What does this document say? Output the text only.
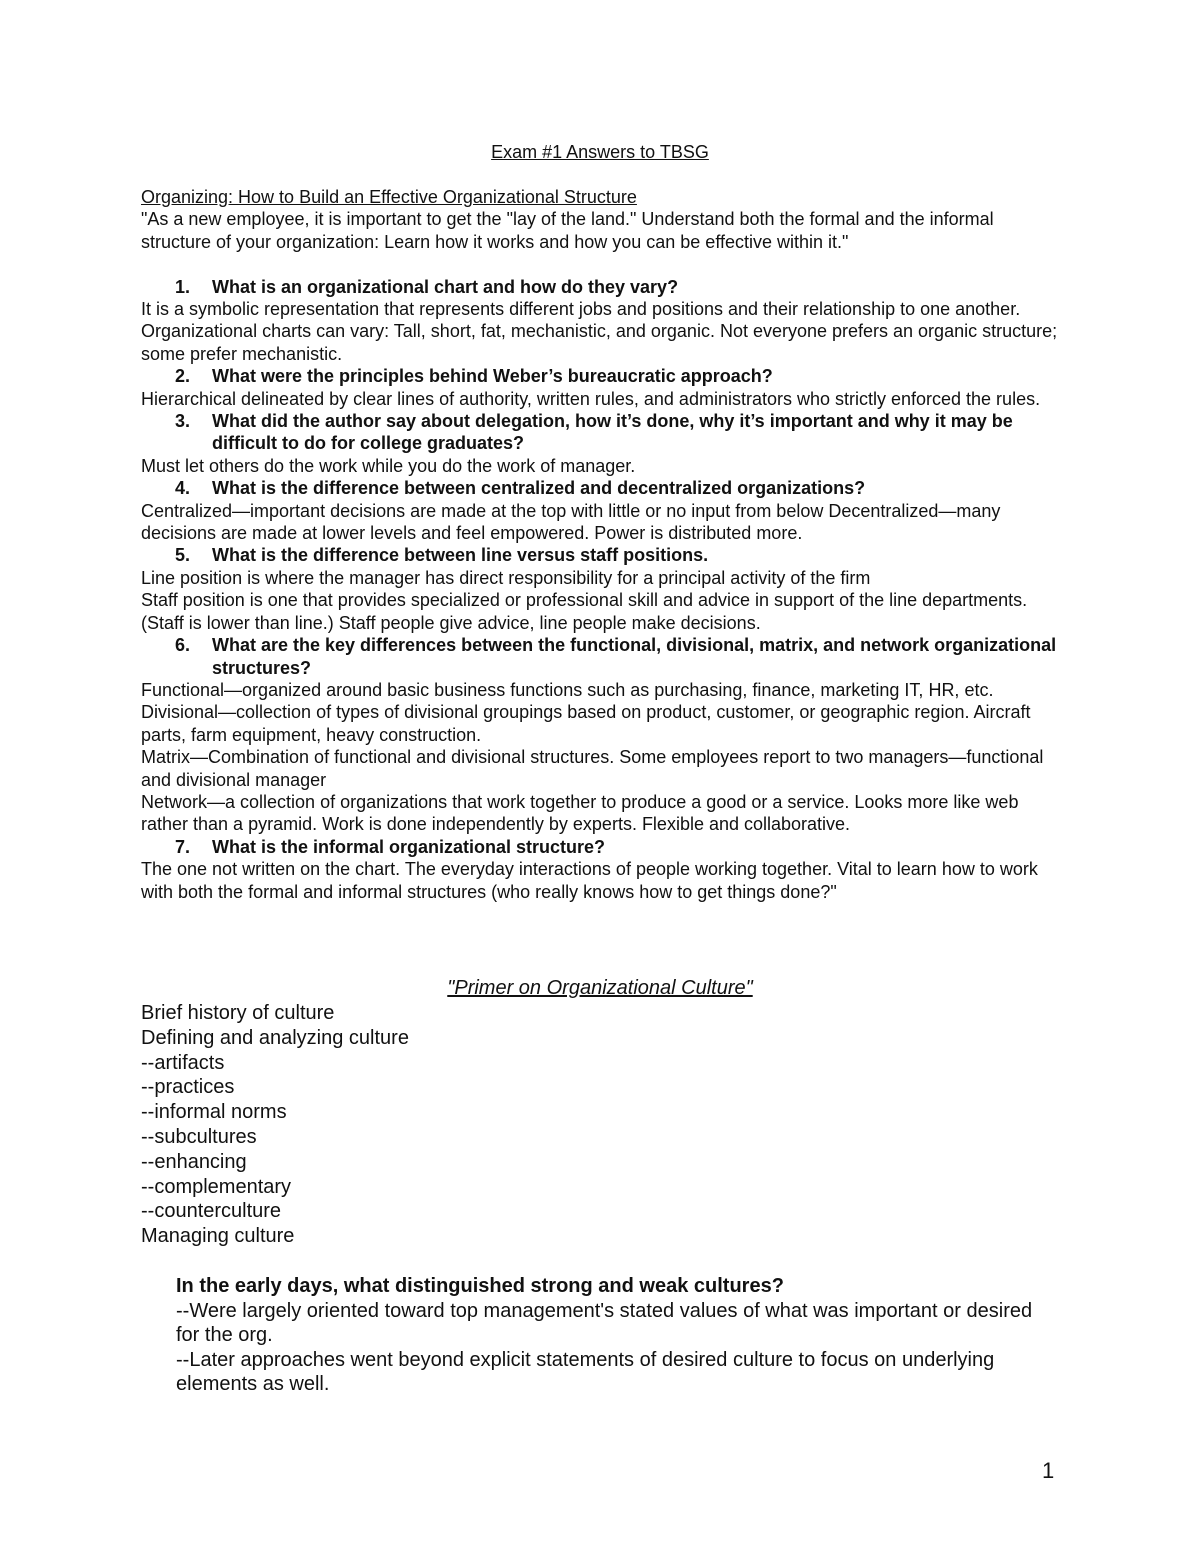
Exam #1 Answers to TBSG

Organizing: How to Build an Effective Organizational Structure

"As a new employee, it is important to get the "lay of the land." Understand both the formal and the informal structure of your organization: Learn how it works and how you can be effective within it."

1.	What is an organizational chart and how do they vary?

It is a symbolic representation that represents different jobs and positions and their relationship to one another. Organizational charts can vary: Tall, short, fat, mechanistic, and organic. Not everyone prefers an organic structure; some prefer mechanistic.

2.	What were the principles behind Weber’s bureaucratic approach?

Hierarchical delineated by clear lines of authority, written rules, and administrators who strictly enforced the rules.

3.	What did the author say about delegation, how it’s done, why it’s important and why it may be difficult to do for college graduates?

Must let others do the work while you do the work of manager.

4.	What is the difference between centralized and decentralized organizations?

Centralized—important decisions are made at the top with little or no input from below Decentralized—many decisions are made at lower levels and feel empowered. Power is distributed more.

5.	What is the difference between line versus staff positions.

Line position is where the manager has direct responsibility for a principal activity of the firm

Staff position is one that provides specialized or professional skill and advice in support of the line departments. (Staff is lower than line.) Staff people give advice, line people make decisions.

6.	What are the key differences between the functional, divisional, matrix, and network organizational structures?

Functional—organized around basic business functions such as purchasing, finance, marketing IT, HR, etc.

Divisional—collection of types of divisional groupings based on product, customer, or geographic region. Aircraft parts, farm equipment, heavy construction.

Matrix—Combination of functional and divisional structures. Some employees report to two managers—functional and divisional manager

Network—a collection of organizations that work together to produce a good or a service. Looks more like web rather than a pyramid. Work is done independently by experts. Flexible and collaborative.

7.	What is the informal organizational structure?

The one not written on the chart. The everyday interactions of people working together. Vital to learn how to work with both the formal and informal structures (who really knows how to get things done?"

"Primer on Organizational Culture"
Brief history of culture
Defining and analyzing culture
--artifacts
--practices
--informal norms
--subcultures
--enhancing
--complementary
--counterculture
Managing culture

In the early days, what distinguished strong and weak cultures?

--Were largely oriented toward top management's stated values of what was important or desired for the org.

--Later approaches went beyond explicit statements of desired culture to focus on underlying elements as well.

1
